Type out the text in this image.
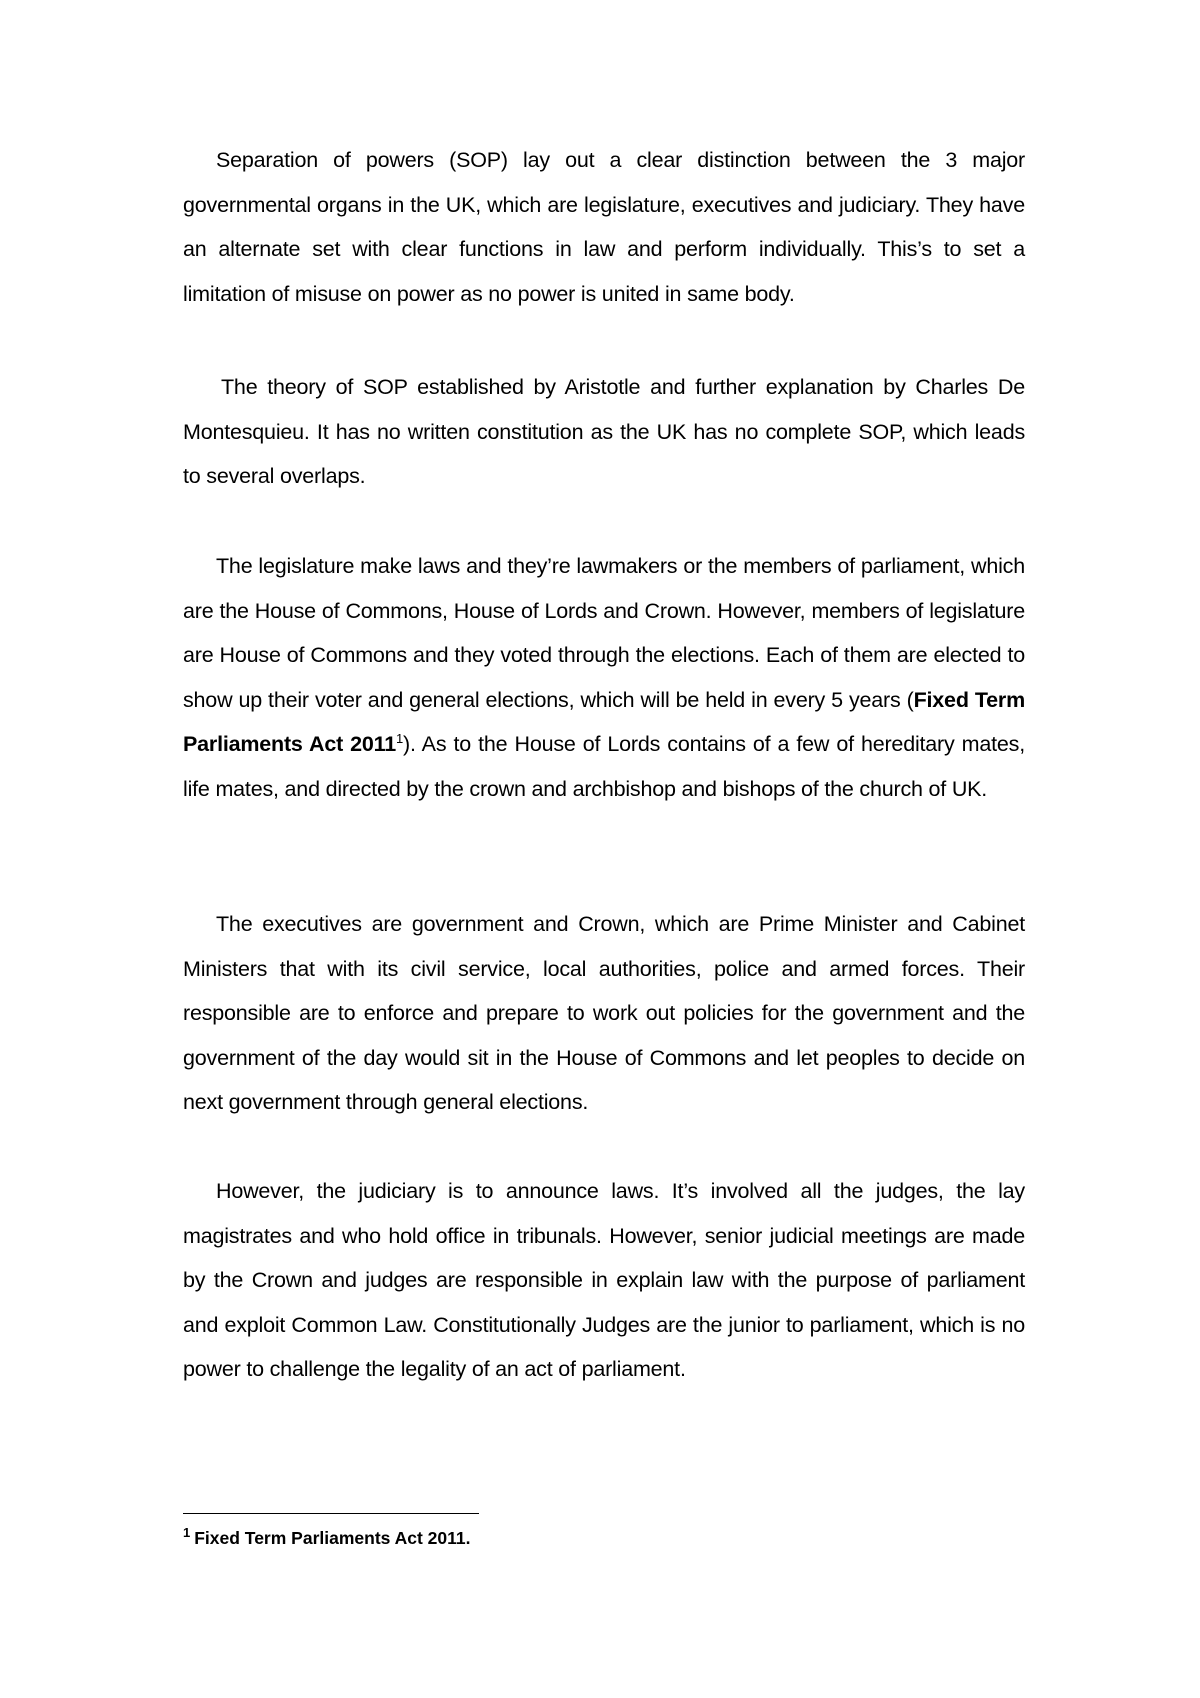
Separation of powers (SOP) lay out a clear distinction between the 3 major governmental organs in the UK, which are legislature, executives and judiciary. They have an alternate set with clear functions in law and perform individually. This’s to set a limitation of misuse on power as no power is united in same body.

The theory of SOP established by Aristotle and further explanation by Charles De Montesquieu. It has no written constitution as the UK has no complete SOP, which leads to several overlaps.

The legislature make laws and they’re lawmakers or the members of parliament, which are the House of Commons, House of Lords and Crown. However, members of legislature are House of Commons and they voted through the elections. Each of them are elected to show up their voter and general elections, which will be held in every 5 years (Fixed Term Parliaments Act 2011$^1$). As to the House of Lords contains of a few of hereditary mates, life mates, and directed by the crown and archbishop and bishops of the church of UK.

The executives are government and Crown, which are Prime Minister and Cabinet Ministers that with its civil service, local authorities, police and armed forces. Their responsible are to enforce and prepare to work out policies for the government and the government of the day would sit in the House of Commons and let peoples to decide on next government through general elections.

However, the judiciary is to announce laws. It’s involved all the judges, the lay magistrates and who hold office in tribunals. However, senior judicial meetings are made by the Crown and judges are responsible in explain law with the purpose of parliament and exploit Common Law. Constitutionally Judges are the junior to parliament, which is no power to challenge the legality of an act of parliament.

$^1$ Fixed Term Parliaments Act 2011.
